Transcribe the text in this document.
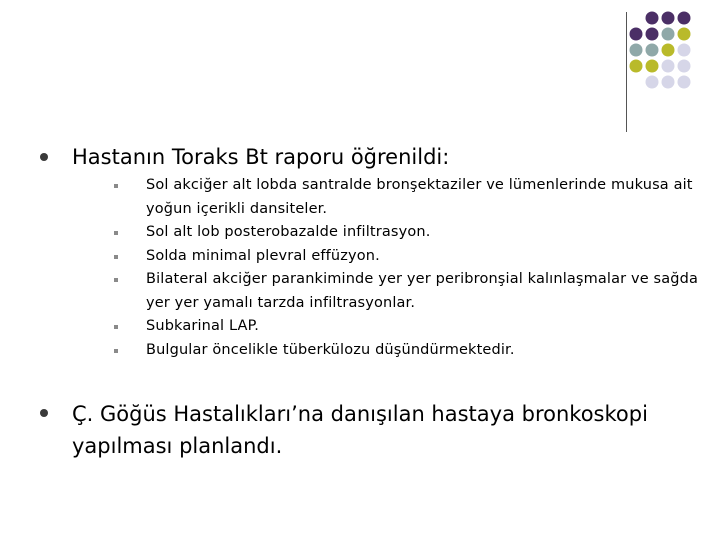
Hastanın Toraks Bt raporu öğrenildi:
Sol akciğer alt lobda santralde bronşektaziler ve lümenlerinde mukusa ait yoğun içerikli dansiteler.
Sol alt lob posterobazalde infiltrasyon.
Solda minimal plevral effüzyon.
Bilateral akciğer parankiminde yer yer peribronşial kalınlaşmalar ve sağda yer yer yamalı tarzda infiltrasyonlar.
Subkarinal LAP.
Bulgular öncelikle tüberkülozu düşündürmektedir.
Ç. Göğüs Hastalıkları’na danışılan hastaya bronkoskopi yapılması planlandı.
